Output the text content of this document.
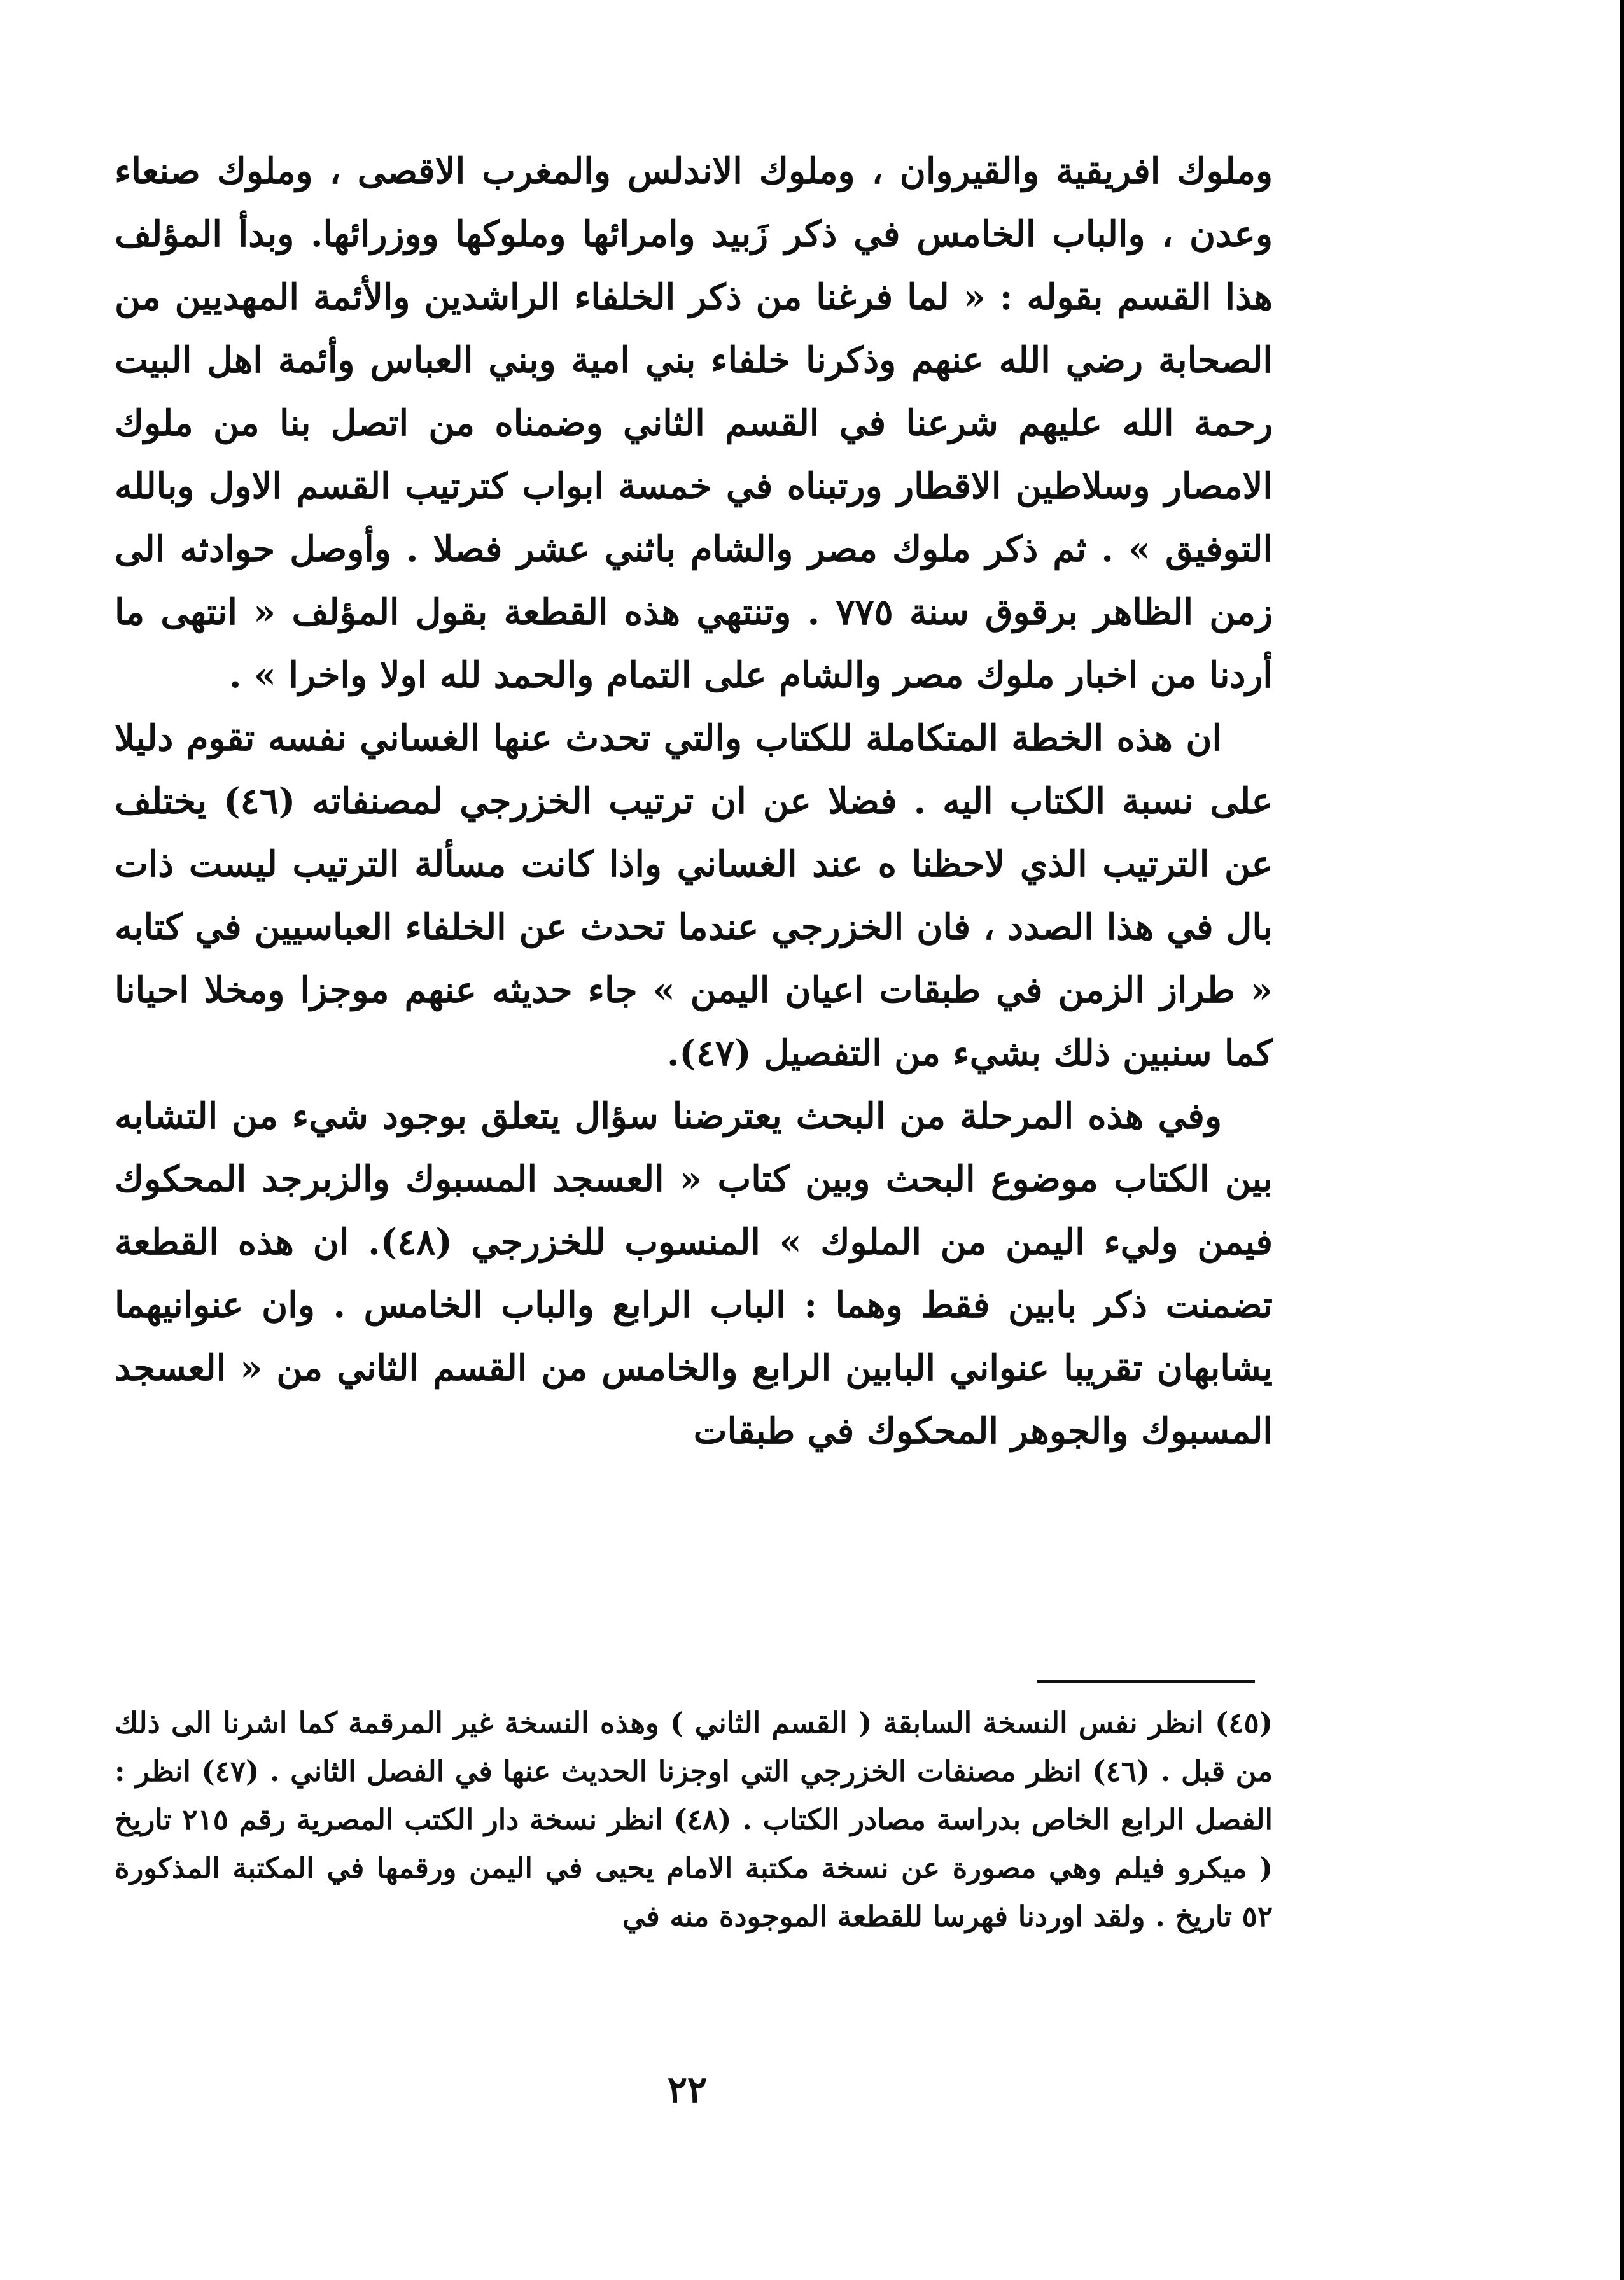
وملوك افريقية والقيروان ، وملوك الاندلس والمغرب الاقصى ، وملوك صنعاء وعدن ، والباب الخامس في ذكر زَبيد وامرائها وملوكها ووزرائها. وبدأ المؤلف هذا القسم بقوله : « لما فرغنا من ذكر الخلفاء الراشدين والأئمة المهديين من الصحابة رضي الله عنهم وذكرنا خلفاء بني امية وبني العباس وأئمة اهل البيت رحمة الله عليهم شرعنا في القسم الثاني وضمناه من اتصل بنا من ملوك الامصار وسلاطين الاقطار ورتبناه في خمسة ابواب كترتيب القسم الاول وبالله التوفيق » . ثم ذكر ملوك مصر والشام باثني عشر فصلا . وأوصل حوادثه الى زمن الظاهر برقوق سنة ٧٧٥ . وتنتهي هذه القطعة بقول المؤلف « انتهى ما أردنا من اخبار ملوك مصر والشام على التمام والحمد لله اولا واخرا » .

ان هذه الخطة المتكاملة للكتاب والتي تحدث عنها الغساني نفسه تقوم دليلا على نسبة الكتاب اليه . فضلا عن ان ترتيب الخزرجي لمصنفاته (٤٦) يختلف عن الترتيب الذي لاحظنا ه عند الغساني واذا كانت مسألة الترتيب ليست ذات بال في هذا الصدد ، فان الخزرجي عندما تحدث عن الخلفاء العباسيين في كتابه « طراز الزمن في طبقات اعيان اليمن » جاء حديثه عنهم موجزا ومخلا احيانا كما سنبين ذلك بشيء من التفصيل (٤٧).

وفي هذه المرحلة من البحث يعترضنا سؤال يتعلق بوجود شيء من التشابه بين الكتاب موضوع البحث وبين كتاب « العسجد المسبوك والزبرجد المحكوك فيمن وليء اليمن من الملوك » المنسوب للخزرجي (٤٨). ان هذه القطعة تضمنت ذكر بابين فقط وهما : الباب الرابع والباب الخامس . وان عنوانيهما يشابهان تقريبا عنواني البابين الرابع والخامس من القسم الثاني من « العسجد المسبوك والجوهر المحكوك في طبقات

(٤٥) انظر نفس النسخة السابقة ( القسم الثاني ) وهذه النسخة غير المرقمة كما اشرنا الى ذلك من قبل . (٤٦) انظر مصنفات الخزرجي التي اوجزنا الحديث عنها في الفصل الثاني . (٤٧) انظر : الفصل الرابع الخاص بدراسة مصادر الكتاب . (٤٨) انظر نسخة دار الكتب المصرية رقم ٢١٥ تاريخ ( ميكرو فيلم وهي مصورة عن نسخة مكتبة الامام يحيى في اليمن ورقمها في المكتبة المذكورة ٥٢ تاريخ . ولقد اوردنا فهرسا للقطعة الموجودة منه في
٢٢
